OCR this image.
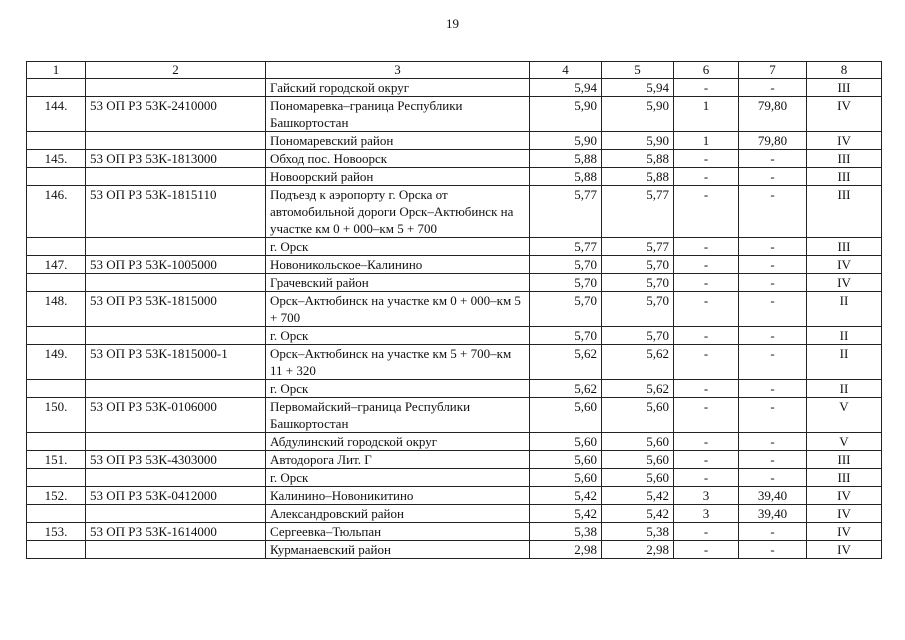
19
1	2	3	4	5	6	7	8
		Гайский городской округ	5,94	5,94	-	-	III
144.	53 ОП РЗ 53К-2410000	Пономаревка–граница Республики Башкортостан	5,90	5,90	1	79,80	IV
		Пономаревский район	5,90	5,90	1	79,80	IV
145.	53 ОП РЗ 53К-1813000	Обход пос. Новоорск	5,88	5,88	-	-	III
		Новоорский район	5,88	5,88	-	-	III
146.	53 ОП РЗ 53К-1815110	Подъезд к аэропорту г. Орска от автомобильной дороги Орск–Актюбинск на участке км 0 + 000–км 5 + 700	5,77	5,77	-	-	III
		г. Орск	5,77	5,77	-	-	III
147.	53 ОП РЗ 53К-1005000	Новоникольское–Калинино	5,70	5,70	-	-	IV
		Грачевский район	5,70	5,70	-	-	IV
148.	53 ОП РЗ 53К-1815000	Орск–Актюбинск на участке км 0 + 000–км 5 + 700	5,70	5,70	-	-	II
		г. Орск	5,70	5,70	-	-	II
149.	53 ОП РЗ 53К-1815000-1	Орск–Актюбинск на участке км 5 + 700–км 11 + 320	5,62	5,62	-	-	II
		г. Орск	5,62	5,62	-	-	II
150.	53 ОП РЗ 53К-0106000	Первомайский–граница Республики Башкортостан	5,60	5,60	-	-	V
		Абдулинский городской округ	5,60	5,60	-	-	V
151.	53 ОП РЗ 53К-4303000	Автодорога Лит. Г	5,60	5,60	-	-	III
		г. Орск	5,60	5,60	-	-	III
152.	53 ОП РЗ 53К-0412000	Калинино–Новоникитино	5,42	5,42	3	39,40	IV
		Александровский район	5,42	5,42	3	39,40	IV
153.	53 ОП РЗ 53К-1614000	Сергеевка–Тюльпан	5,38	5,38	-	-	IV
		Курманаевский район	2,98	2,98	-	-	IV
